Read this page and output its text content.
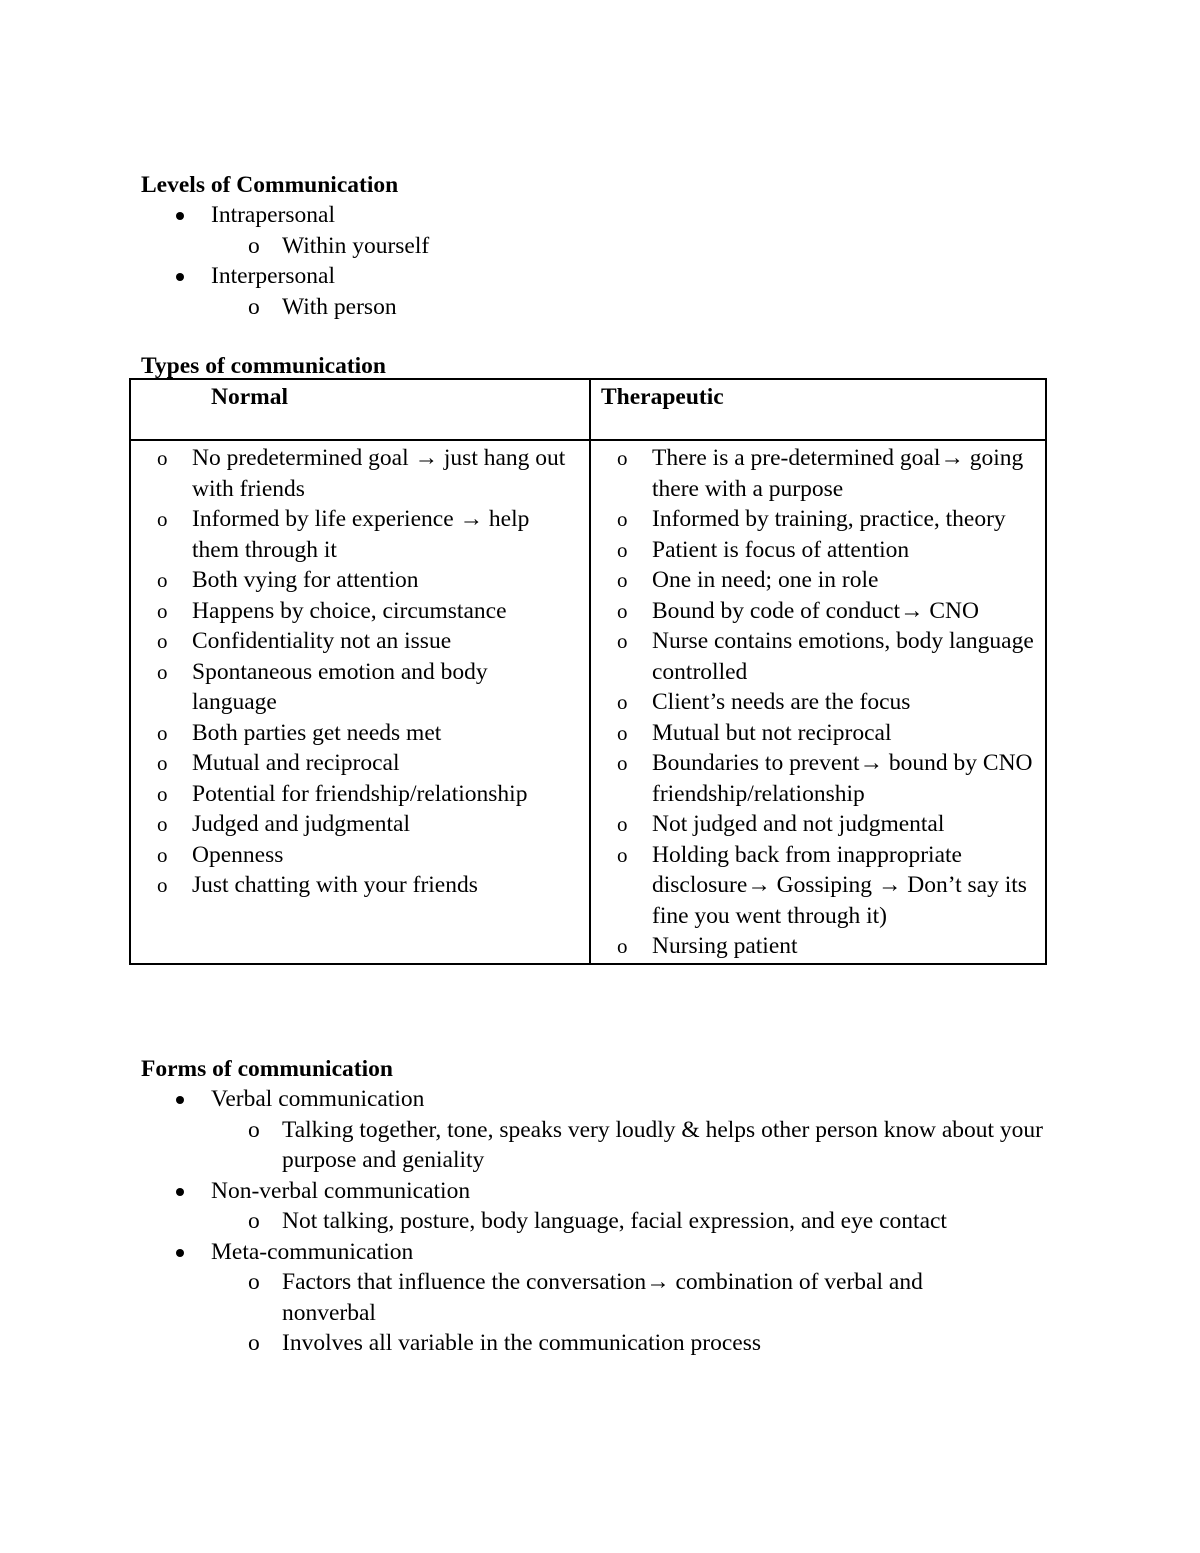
Levels of Communication
Intrapersonal
o Within yourself
Interpersonal
o With person
Types of communication
Normal	Therapeutic
o No predetermined goal → just hang out with friends
o Informed by life experience → help them through it
o Both vying for attention
o Happens by choice, circumstance
o Confidentiality not an issue
o Spontaneous emotion and body language
o Both parties get needs met
o Mutual and reciprocal
o Potential for friendship/relationship
o Judged and judgmental
o Openness
o Just chatting with your friends
o There is a pre-determined goal→ going there with a purpose
o Informed by training, practice, theory
o Patient is focus of attention
o One in need; one in role
o Bound by code of conduct→ CNO
o Nurse contains emotions, body language controlled
o Client’s needs are the focus
o Mutual but not reciprocal
o Boundaries to prevent→ bound by CNO friendship/relationship
o Not judged and not judgmental
o Holding back from inappropriate disclosure→ Gossiping → Don’t say its fine you went through it)
o Nursing patient
Forms of communication
Verbal communication
o Talking together, tone, speaks very loudly & helps other person know about your purpose and geniality
Non-verbal communication
o Not talking, posture, body language, facial expression, and eye contact
Meta-communication
o Factors that influence the conversation→ combination of verbal and nonverbal
o Involves all variable in the communication process
